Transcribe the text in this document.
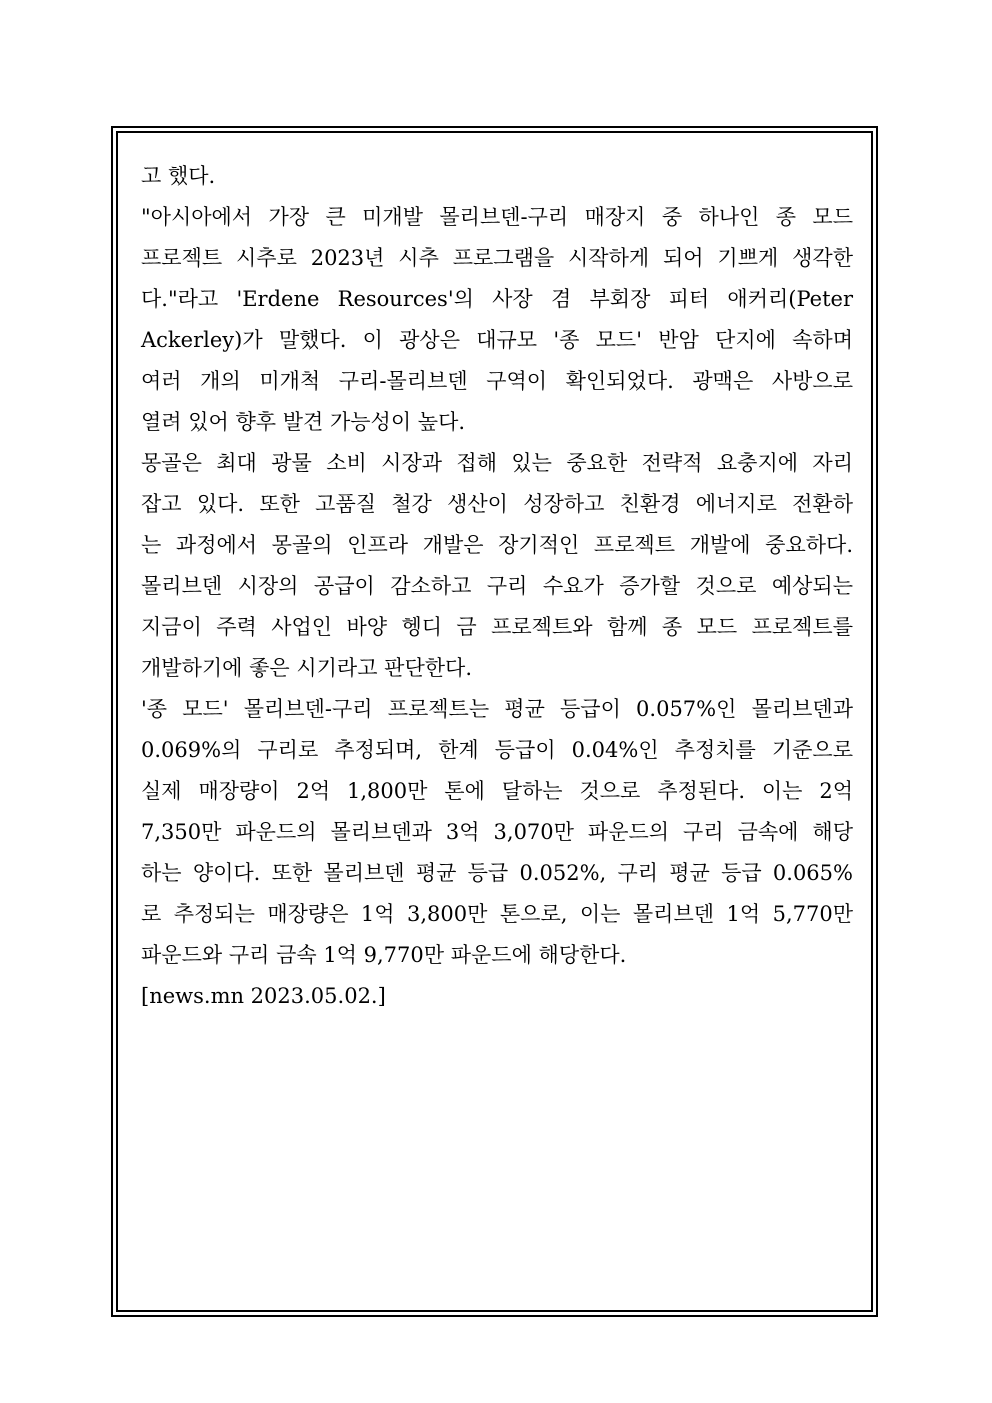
고 했다.
"아시아에서 가장 큰 미개발 몰리브덴-구리 매장지 중 하나인 종 모드
프로젝트 시추로 2023년 시추 프로그램을 시작하게 되어 기쁘게 생각한
다."라고 'Erdene Resources'의 사장 겸 부회장 피터 애커리(Peter
Ackerley)가 말했다. 이 광상은 대규모 '종 모드' 반암 단지에 속하며
여러 개의 미개척 구리-몰리브덴 구역이 확인되었다. 광맥은 사방으로
열려 있어 향후 발견 가능성이 높다.
몽골은 최대 광물 소비 시장과 접해 있는 중요한 전략적 요충지에 자리
잡고 있다. 또한 고품질 철강 생산이 성장하고 친환경 에너지로 전환하
는 과정에서 몽골의 인프라 개발은 장기적인 프로젝트 개발에 중요하다.
몰리브덴 시장의 공급이 감소하고 구리 수요가 증가할 것으로 예상되는
지금이 주력 사업인 바양 헹디 금 프로젝트와 함께 종 모드 프로젝트를
개발하기에 좋은 시기라고 판단한다.
'종 모드' 몰리브덴-구리 프로젝트는 평균 등급이 0.057%인 몰리브덴과
0.069%의 구리로 추정되며, 한계 등급이 0.04%인 추정치를 기준으로
실제 매장량이 2억 1,800만 톤에 달하는 것으로 추정된다. 이는 2억
7,350만 파운드의 몰리브덴과 3억 3,070만 파운드의 구리 금속에 해당
하는 양이다. 또한 몰리브덴 평균 등급 0.052%, 구리 평균 등급 0.065%
로 추정되는 매장량은 1억 3,800만 톤으로, 이는 몰리브덴 1억 5,770만
파운드와 구리 금속 1억 9,770만 파운드에 해당한다.
[news.mn 2023.05.02.]
